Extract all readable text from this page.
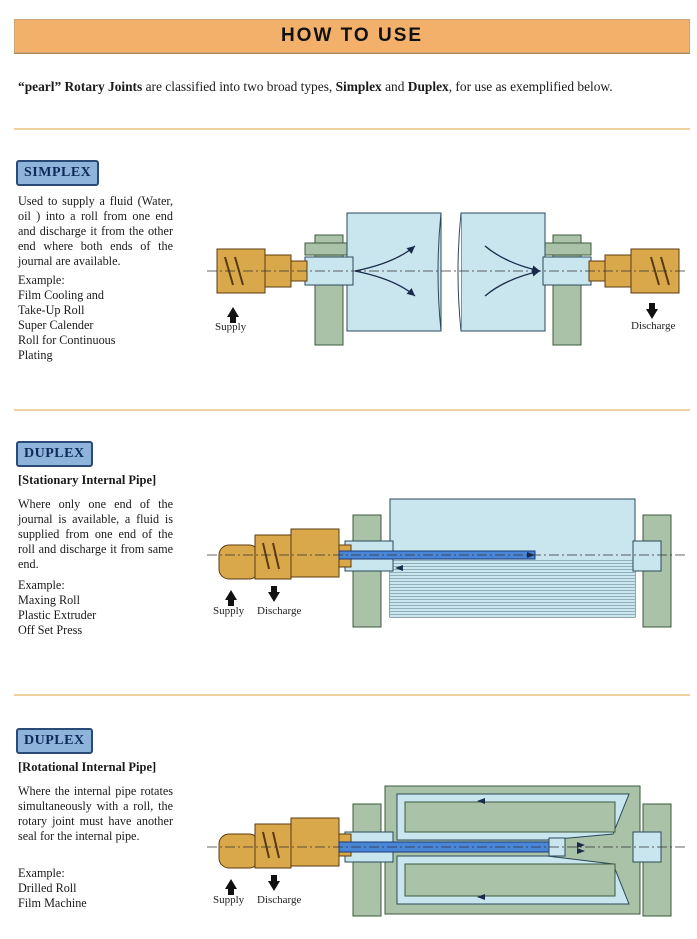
HOW TO USE
“pearl” Rotary Joints are classified into two broad types, Simplex and Duplex, for use as exemplified below.
SIMPLEX
Used to supply a fluid (Water, oil ) into a roll from one end and discharge it from the other end where both ends of the journal are available.
Example:
Film Cooling and
Take-Up Roll
Super Calender
Roll for Continuous
Plating
Supply	Discharge
DUPLEX
[Stationary Internal Pipe]
Where only one end of the journal is available, a fluid is supplied from one end of the roll and discharge it from same end.
Example:
Maxing Roll
Plastic Extruder
Off Set Press
Supply Discharge
DUPLEX
[Rotational Internal Pipe]
Where the internal pipe rotates simultaneously with a roll, the rotary joint must have another seal for the internal pipe.
Example:
Drilled Roll
Film Machine	Supply Discharge
